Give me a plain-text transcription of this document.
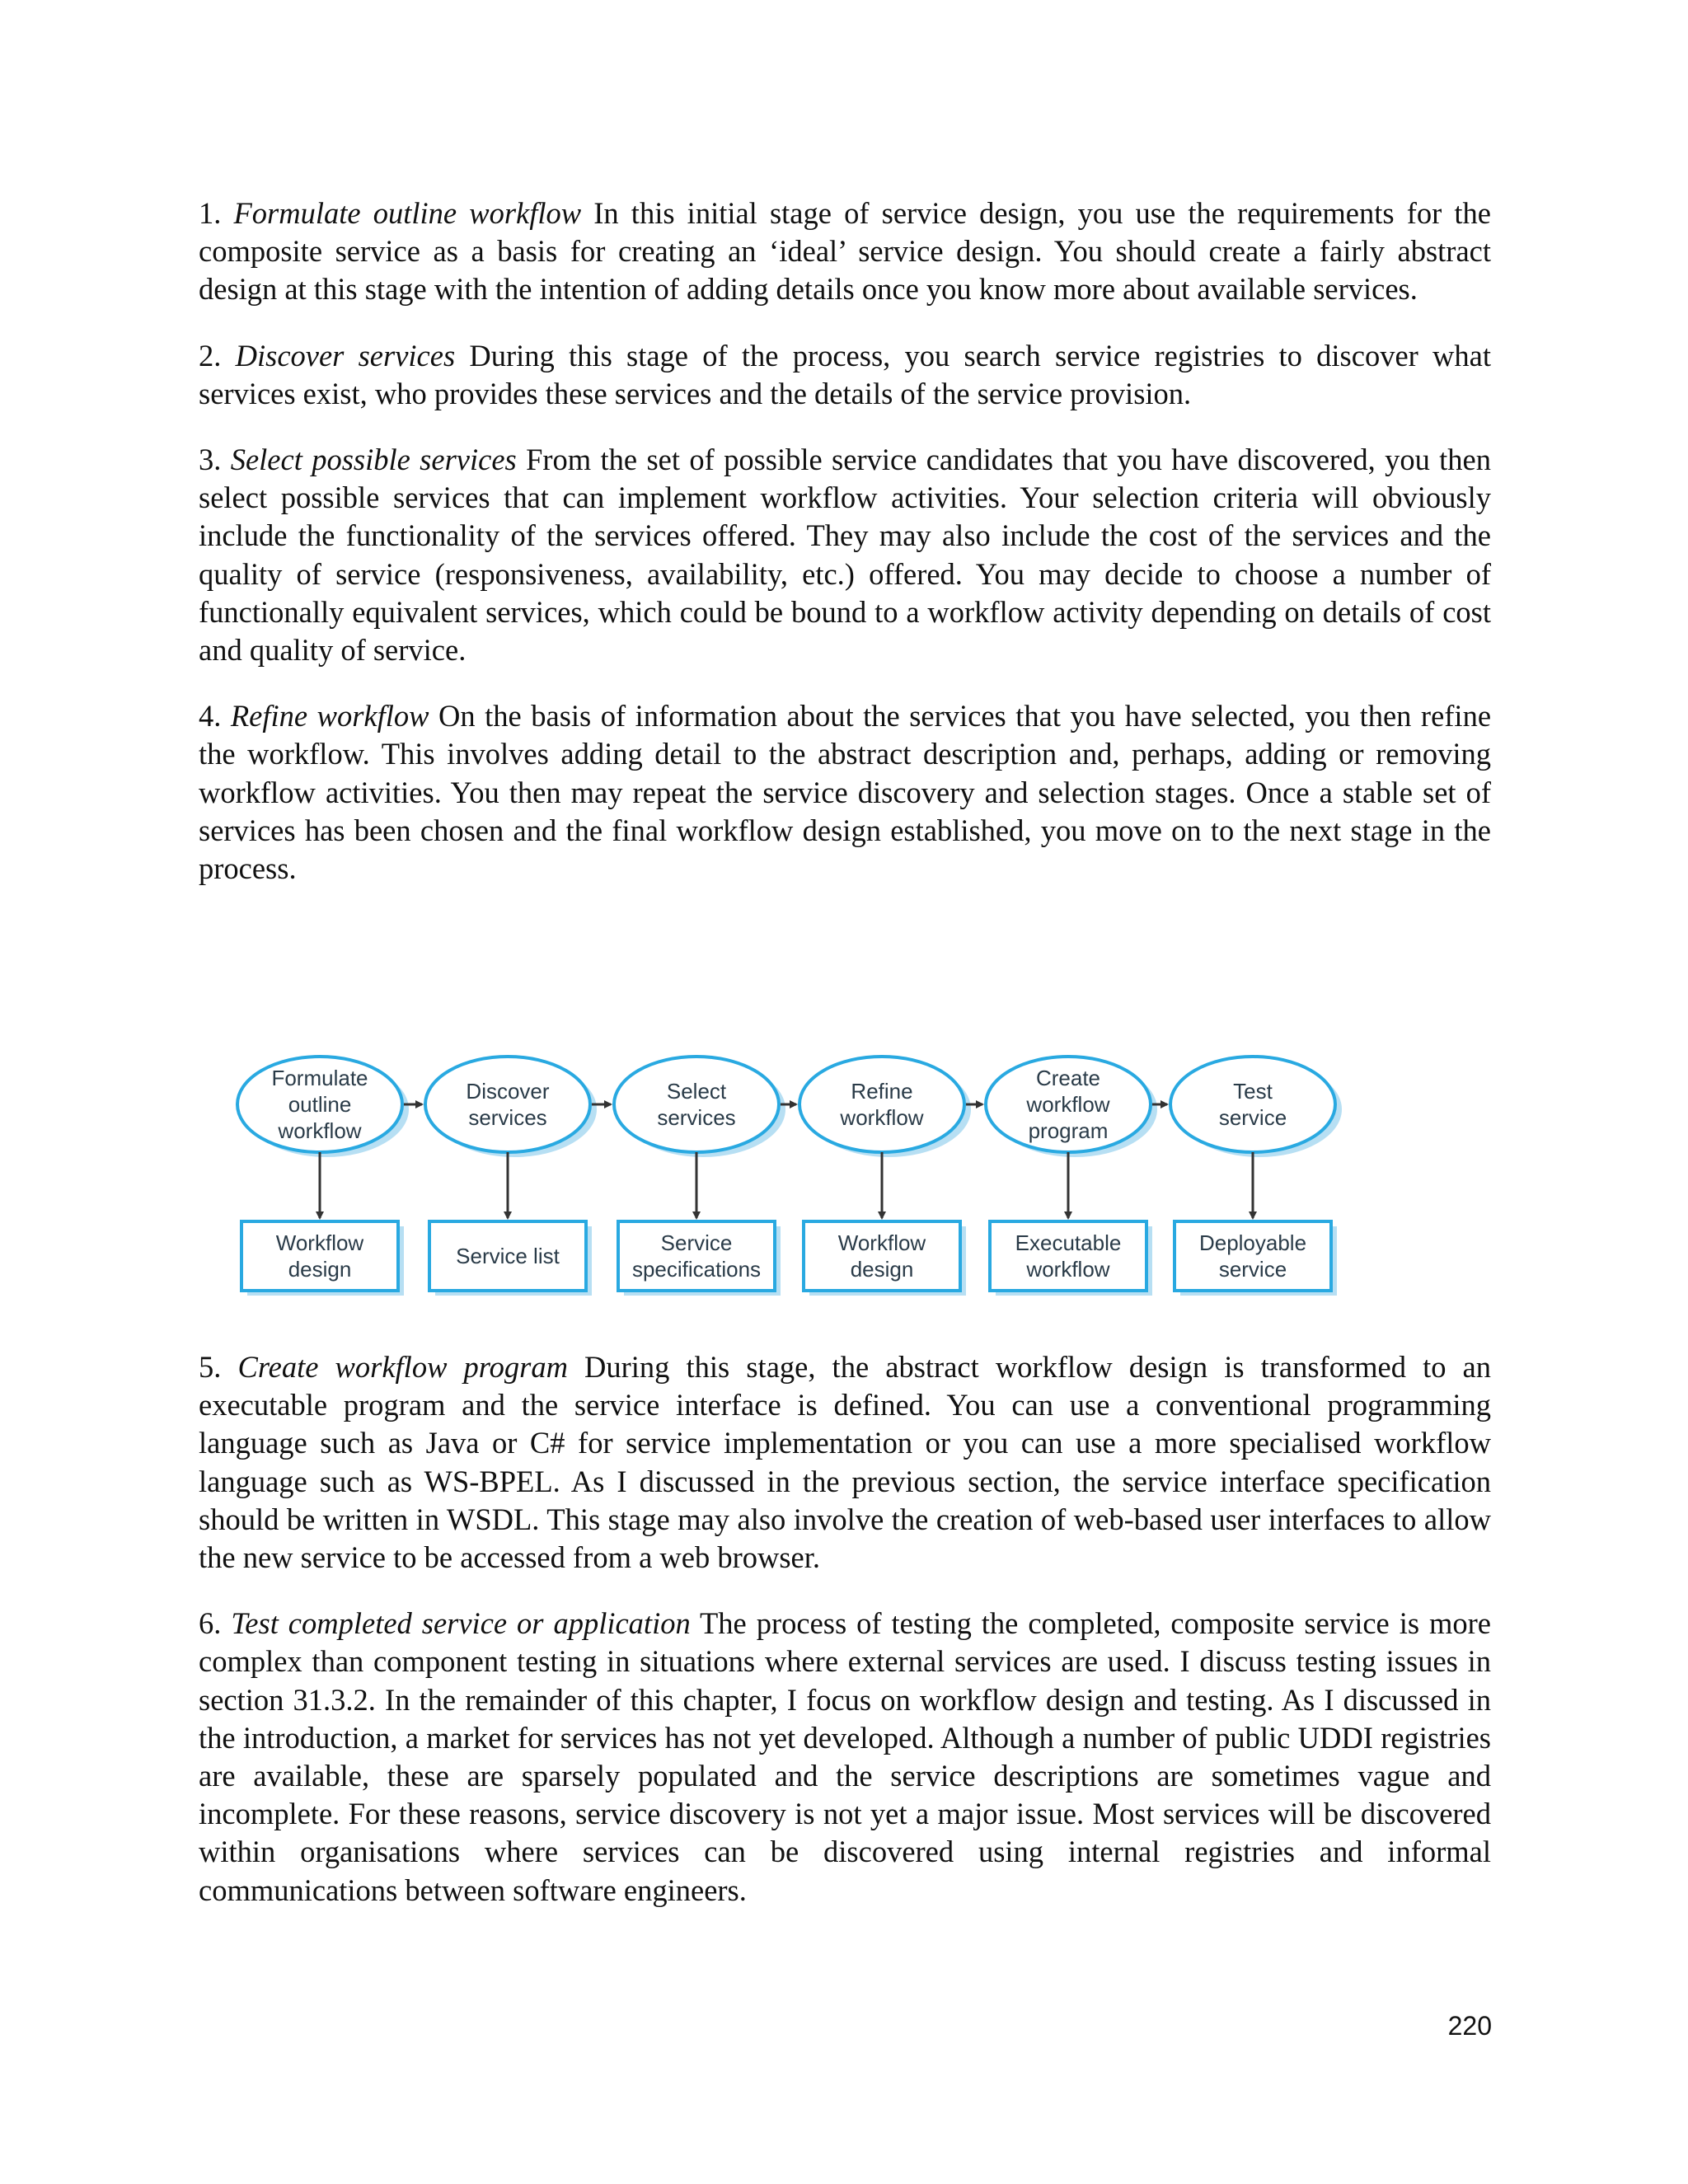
1. Formulate outline workflow In this initial stage of service design, you use the requirements for the composite service as a basis for creating an ‘ideal’ service design. You should create a fairly abstract design at this stage with the intention of adding details once you know more about available services.

2. Discover services During this stage of the process, you search service registries to discover what services exist, who provides these services and the details of the service provision.

3. Select possible services From the set of possible service candidates that you have discovered, you then select possible services that can implement workflow activities. Your selection criteria will obviously include the functionality of the services offered. They may also include the cost of the services and the quality of service (responsiveness, availability, etc.) offered. You may decide to choose a number of functionally equivalent services, which could be bound to a workflow activity depending on details of cost and quality of service.

4. Refine workflow On the basis of information about the services that you have selected, you then refine the workflow. This involves adding detail to the abstract description and, perhaps, adding or removing workflow activities. You then may repeat the service discovery and selection stages. Once a stable set of services has been chosen and the final workflow design established, you move on to the next stage in the process.

Formulate
outline
workflow
Workflow
design
Discover
services
Service list
Select
services
Service
specifications
Refine
workflow
Workflow
design
Create
workflow
program
Executable
workflow
Test
service
Deployable
service

5. Create workflow program During this stage, the abstract workflow design is transformed to an executable program and the service interface is defined. You can use a conventional programming language such as Java or C# for service implementation or you can use a more specialised workflow language such as WS-BPEL. As I discussed in the previous section, the service interface specification should be written in WSDL. This stage may also involve the creation of web-based user interfaces to allow the new service to be accessed from a web browser.

6. Test completed service or application The process of testing the completed, composite service is more complex than component testing in situations where external services are used. I discuss testing issues in section 31.3.2. In the remainder of this chapter, I focus on workflow design and testing. As I discussed in the introduction, a market for services has not yet developed. Although a number of public UDDI registries are available, these are sparsely populated and the service descriptions are sometimes vague and incomplete. For these reasons, service discovery is not yet a major issue. Most services will be discovered within organisations where services can be discovered using internal registries and informal communications between software engineers.

220
